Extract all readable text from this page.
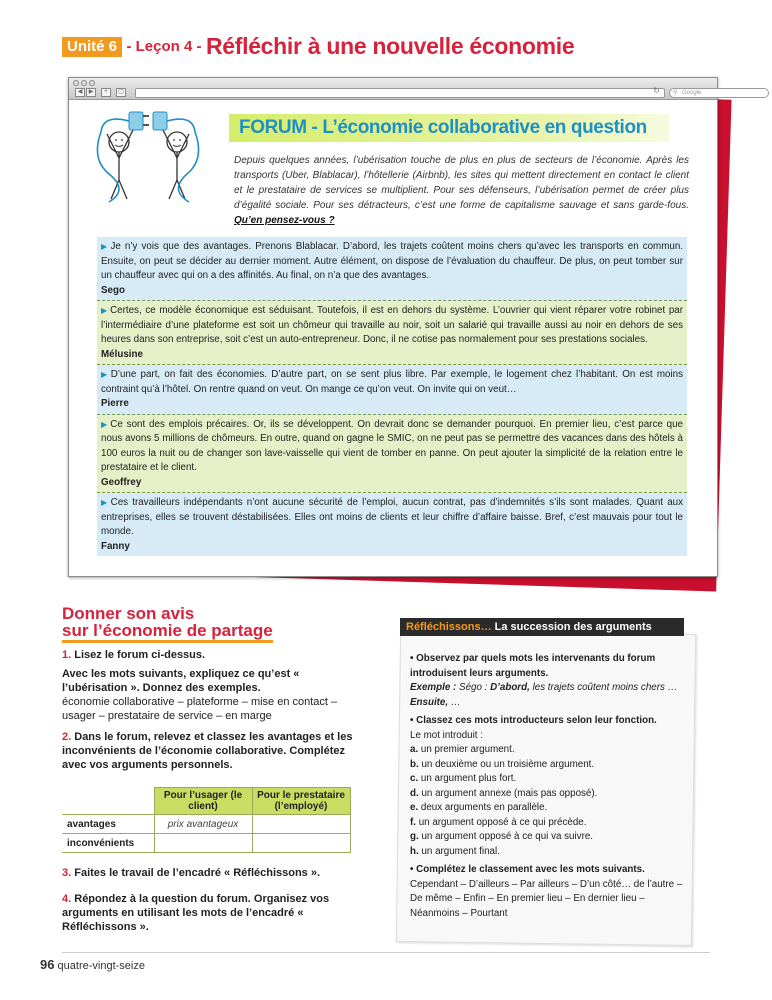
Unité 6 - Leçon 4 - Réfléchir à une nouvelle économie
◀	▶	+	▢	↻ ⚲ Google
FORUM - L’économie collaborative en question
Depuis quelques années, l’ubérisation touche de plus en plus de secteurs de l’économie. Après les transports (Uber, Blablacar), l’hôtellerie (Airbnb), les sites qui mettent directement en contact le client et le prestataire de services se multiplient. Pour ses défenseurs, l’ubérisation permet de créer plus d’égalité sociale. Pour ses détracteurs, c’est une forme de capitalisme sauvage et sans garde-fous. Qu’en pensez-vous ?
▶ Je n’y vois que des avantages. Prenons Blablacar. D’abord, les trajets coûtent moins chers qu’avec les transports en commun. Ensuite, on peut se décider au dernier moment. Autre élément, on dispose de l’évaluation du chauffeur. De plus, on peut tomber sur un chauffeur avec qui on a des affinités. Au final, on n’a que des avantages.
Sego
▶ Certes, ce modèle économique est séduisant. Toutefois, il est en dehors du système. L’ouvrier qui vient réparer votre robinet par l’intermédiaire d’une plateforme est soit un chômeur qui travaille au noir, soit un salarié qui travaille aussi au noir en dehors de ses heures dans son entreprise, soit c’est un auto-entrepreneur. Donc, il ne cotise pas normalement pour ses prestations sociales.
Mélusine
▶ D’une part, on fait des économies. D’autre part, on se sent plus libre. Par exemple, le logement chez l’habitant. On est moins contraint qu’à l’hôtel. On rentre quand on veut. On mange ce qu’on veut. On invite qui on veut…
Pierre
▶ Ce sont des emplois précaires. Or, ils se développent. On devrait donc se demander pourquoi. En premier lieu, c’est parce que nous avons 5 millions de chômeurs. En outre, quand on gagne le SMIC, on ne peut pas se permettre des vacances dans des hôtels à 100 euros la nuit ou de changer son lave-vaisselle qui vient de tomber en panne. On peut ajouter la simplicité de la relation entre le prestataire et le client.
Geoffrey
▶ Ces travailleurs indépendants n’ont aucune sécurité de l’emploi, aucun contrat, pas d’indemnités s’ils sont malades. Quant aux entreprises, elles se trouvent déstabilisées. Elles ont moins de clients et leur chiffre d’affaire baisse. Bref, c’est mauvais pour tout le monde.
Fanny
Donner son avis
sur l’économie de partage

1. Lisez le forum ci-dessus.

Avec les mots suivants, expliquez ce qu’est « l’ubérisation ». Donnez des exemples.

économie collaborative – plateforme – mise en contact – usager – prestataire de service – en marge

2. Dans le forum, relevez et classez les avantages et les inconvénients de l’économie collaborative. Complétez avec vos arguments personnels.

	Pour l’usager (le client)	Pour le prestataire (l’employé)
avantages	prix avantageux	
inconvénients		

3. Faites le travail de l’encadré « Réfléchissons ».

4. Répondez à la question du forum. Organisez vos arguments en utilisant les mots de l’encadré « Réfléchissons ».

Réfléchissons… La succession des arguments
• Observez par quels mots les intervenants du forum introduisent leurs arguments.
Exemple : Ségo : D’abord, les trajets coûtent moins chers …
Ensuite, …
• Classez ces mots introducteurs selon leur fonction.
Le mot introduit :
a. un premier argument.
b. un deuxième ou un troisième argument.
c. un argument plus fort.
d. un argument annexe (mais pas opposé).
e. deux arguments en parallèle.
f. un argument opposé à ce qui précède.
g. un argument opposé à ce qui va suivre.
h. un argument final.
• Complétez le classement avec les mots suivants.
Cependant – D’ailleurs – Par ailleurs – D’un côté… de l’autre – De même – Enfin – En premier lieu – En dernier lieu – Néanmoins – Pourtant
96 quatre-vingt-seize
